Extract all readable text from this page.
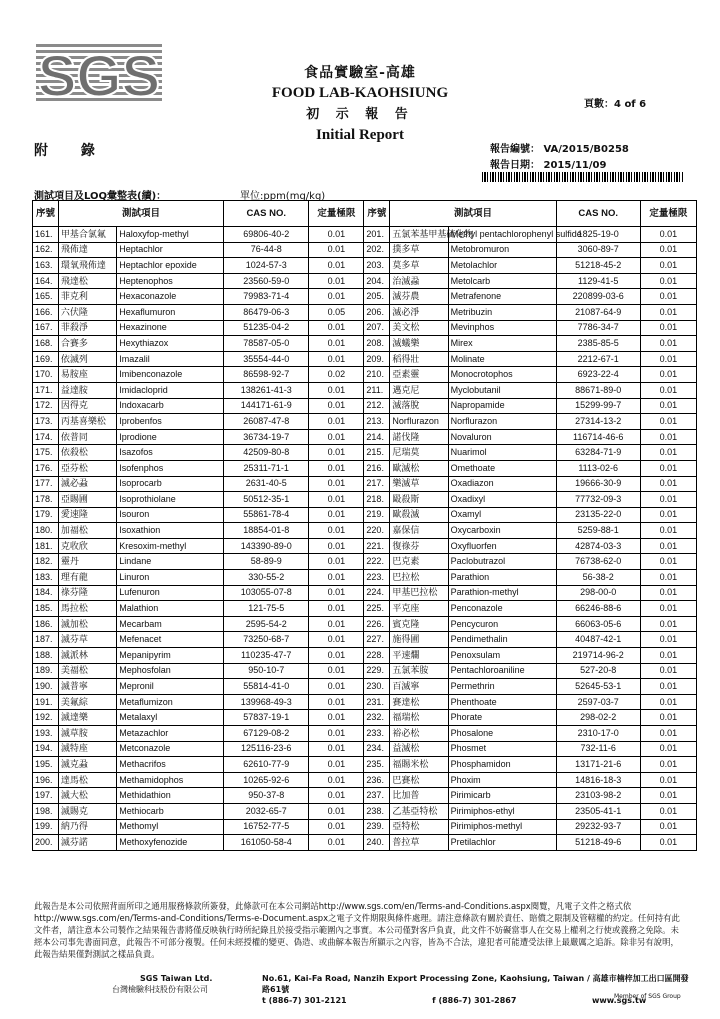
SGS	食品實驗室-高雄
FOOD LAB-KAOHSIUNG
初 示 報 告
Initial Report
頁數：4 of 6
附 錄	報告編號： VA/2015/B0258
報告日期： 2015/11/09
測試項目及LOQ彙整表(續)：	單位:ppm(mg/kg)
序號	測試項目		CAS NO.	定量極限	序號	測試項目		CAS NO.	定量極限
161.	甲基合氯氟	Haloxyfop-methyl	69806-40-2	0.01	201.	五氯苯基甲基硫化物	Methyl pentachlorophenyl sulfide	1825-19-0	0.01
162.	飛佈達	Heptachlor	76-44-8	0.01	202.	撲多草	Metobromuron	3060-89-7	0.01
163.	環氧飛佈達	Heptachlor epoxide	1024-57-3	0.01	203.	莫多草	Metolachlor	51218-45-2	0.01
164.	飛達松	Heptenophos	23560-59-0	0.01	204.	治滅蝨	Metolcarb	1129-41-5	0.01
165.	菲克利	Hexaconazole	79983-71-4	0.01	205.	滅芬農	Metrafenone	220899-03-6	0.01
166.	六伏隆	Hexaflumuron	86479-06-3	0.05	206.	滅必淨	Metribuzin	21087-64-9	0.01
167.	菲殺淨	Hexazinone	51235-04-2	0.01	207.	美文松	Mevinphos	7786-34-7	0.01
168.	合賽多	Hexythiazox	78587-05-0	0.01	208.	滅蟻樂	Mirex	2385-85-5	0.01
169.	依滅列	Imazalil	35554-44-0	0.01	209.	稻得壯	Molinate	2212-67-1	0.01
170.	易胺座	Imibenconazole	86598-92-7	0.02	210.	亞素靈	Monocrotophos	6923-22-4	0.01
171.	益達胺	Imidacloprid	138261-41-3	0.01	211.	邁克尼	Myclobutanil	88671-89-0	0.01
172.	因得克	Indoxacarb	144171-61-9	0.01	212.	滅落脫	Napropamide	15299-99-7	0.01
173.	丙基喜樂松	Iprobenfos	26087-47-8	0.01	213.	Norflurazon	Norflurazon	27314-13-2	0.01
174.	依普同	Iprodione	36734-19-7	0.01	214.	諾伐隆	Novaluron	116714-46-6	0.01
175.	依殺松	Isazofos	42509-80-8	0.01	215.	尼瑞莫	Nuarimol	63284-71-9	0.01
176.	亞芬松	Isofenphos	25311-71-1	0.01	216.	歐滅松	Omethoate	1113-02-6	0.01
177.	滅必蝨	Isoprocarb	2631-40-5	0.01	217.	樂滅草	Oxadiazon	19666-30-9	0.01
178.	亞賜圃	Isoprothiolane	50512-35-1	0.01	218.	毆殺斯	Oxadixyl	77732-09-3	0.01
179.	愛速隆	Isouron	55861-78-4	0.01	219.	歐殺滅	Oxamyl	23135-22-0	0.01
180.	加福松	Isoxathion	18854-01-8	0.01	220.	嘉保信	Oxycarboxin	5259-88-1	0.01
181.	克收欣	Kresoxim-methyl	143390-89-0	0.01	221.	復祿芬	Oxyfluorfen	42874-03-3	0.01
182.	靈丹	Lindane	58-89-9	0.01	222.	巴克素	Paclobutrazol	76738-62-0	0.01
183.	理有龍	Linuron	330-55-2	0.01	223.	巴拉松	Parathion	56-38-2	0.01
184.	祿芬隆	Lufenuron	103055-07-8	0.01	224.	甲基巴拉松	Parathion-methyl	298-00-0	0.01
185.	馬拉松	Malathion	121-75-5	0.01	225.	平克座	Penconazole	66246-88-6	0.01
186.	滅加松	Mecarbam	2595-54-2	0.01	226.	賓克隆	Pencycuron	66063-05-6	0.01
187.	滅芬草	Mefenacet	73250-68-7	0.01	227.	施得圃	Pendimethalin	40487-42-1	0.01
188.	滅派林	Mepanipyrim	110235-47-7	0.01	228.	平速爛	Penoxsulam	219714-96-2	0.01
189.	美福松	Mephosfolan	950-10-7	0.01	229.	五氯苯胺	Pentachloroaniline	527-20-8	0.01
190.	滅普寧	Mepronil	55814-41-0	0.01	230.	百滅寧	Permethrin	52645-53-1	0.01
191.	美氟綜	Metaflumizon	139968-49-3	0.01	231.	賽達松	Phenthoate	2597-03-7	0.01
192.	滅達樂	Metalaxyl	57837-19-1	0.01	232.	福瑞松	Phorate	298-02-2	0.01
193.	滅草胺	Metazachlor	67129-08-2	0.01	233.	裕必松	Phosalone	2310-17-0	0.01
194.	滅特座	Metconazole	125116-23-6	0.01	234.	益滅松	Phosmet	732-11-6	0.01
195.	滅克蝨	Methacrifos	62610-77-9	0.01	235.	福賜米松	Phosphamidon	13171-21-6	0.01
196.	達馬松	Methamidophos	10265-92-6	0.01	236.	巴賽松	Phoxim	14816-18-3	0.01
197.	滅大松	Methidathion	950-37-8	0.01	237.	比加普	Pirimicarb	23103-98-2	0.01
198.	滅賜克	Methiocarb	2032-65-7	0.01	238.	乙基亞特松	Pirimiphos-ethyl	23505-41-1	0.01
199.	納乃得	Methomyl	16752-77-5	0.01	239.	亞特松	Pirimiphos-methyl	29232-93-7	0.01
200.	滅芬諾	Methoxyfenozide	161050-58-4	0.01	240.	普拉草	Pretilachlor	51218-49-6	0.01
此報告是本公司依照背面所印之通用服務條款所簽發，此條款可在本公司網站http://www.sgs.com/en/Terms-and-Conditions.aspx閱覽，凡電子文件之格式依http://www.sgs.com/en/Terms-and-Conditions/Terms-e-Document.aspx之電子文件期限與條件處理。請注意條款有關於責任、賠償之限制及管轄權的約定。任何持有此文件者，請注意本公司製作之結果報告書將僅反映執行時所紀錄且於接受指示範圍內之事實。本公司僅對客戶負責，此文件不妨礙當事人在交易上權利之行使或義務之免除。未經本公司事先書面同意，此報告不可部分複製。任何未經授權的變更、偽造、或曲解本報告所顯示之內容，皆為不合法，違犯者可能遭受法律上最嚴厲之追訴。除非另有說明，此報告結果僅對測試之樣品負責。
SGS Taiwan Ltd.
台灣檢驗科技股份有限公司
No.61, Kai-Fa Road, Nanzih Export Processing Zone, Kaohsiung, Taiwan / 高雄市楠梓加工出口區開發路61號
t (886-7) 301-2121	f (886-7) 301-2867	www.sgs.tw
Member of SGS Group
